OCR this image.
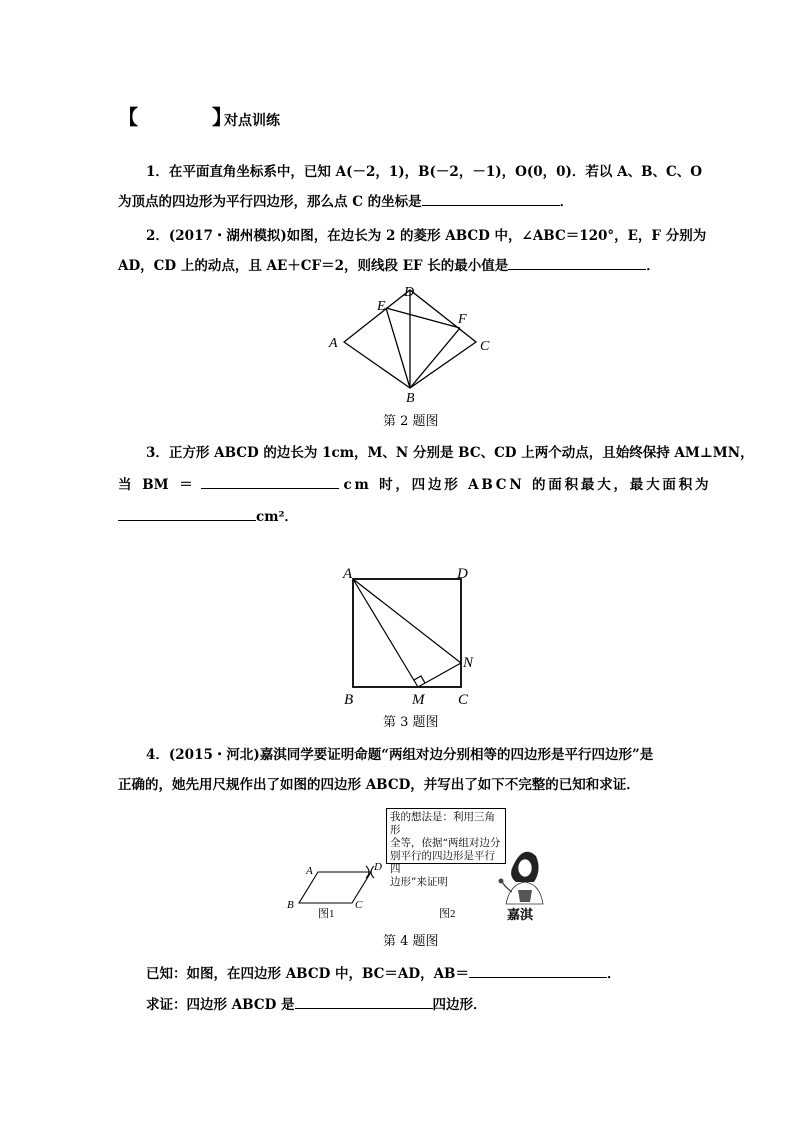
【	】
对点训练
1．在平面直角坐标系中，已知 A(－2，1)，B(－2，－1)，O(0，0)．若以 A、B、C、O
为顶点的四边形为平行四边形，那么点 C 的坐标是	．
2．(2017・湖州模拟)如图，在边长为 2 的菱形 ABCD 中，∠ABC＝120°，E，F 分别为
AD，CD 上的动点，且 AE＋CF＝2，则线段 EF 长的最小值是	．
A
D
E
F
C
B
第 2 题图
3．正方形 ABCD 的边长为 1cm，M、N 分别是 BC、CD 上两个动点，且始终保持 AM⊥MN，
当 BM ＝	cm 时，四边形 ABCN 的面积最大，最大面积为
cm²．
A	D
N
B	M C
第 3 题图
4．(2015・河北)嘉淇同学要证明命题“两组对边分别相等的四边形是平行四边形”是
正确的，她先用尺规作出了如图的四边形 ABCD，并写出了如下不完整的已知和求证．
我的想法是：利用三角形
全等，依据“两组对边分
别平行的四边形是平行四
边形”来证明
A	D
B	C
图1	图2	嘉淇
第 4 题图
已知：如图，在四边形 ABCD 中，BC＝AD，AB＝	．
求证：四边形 ABCD 是	四边形．
